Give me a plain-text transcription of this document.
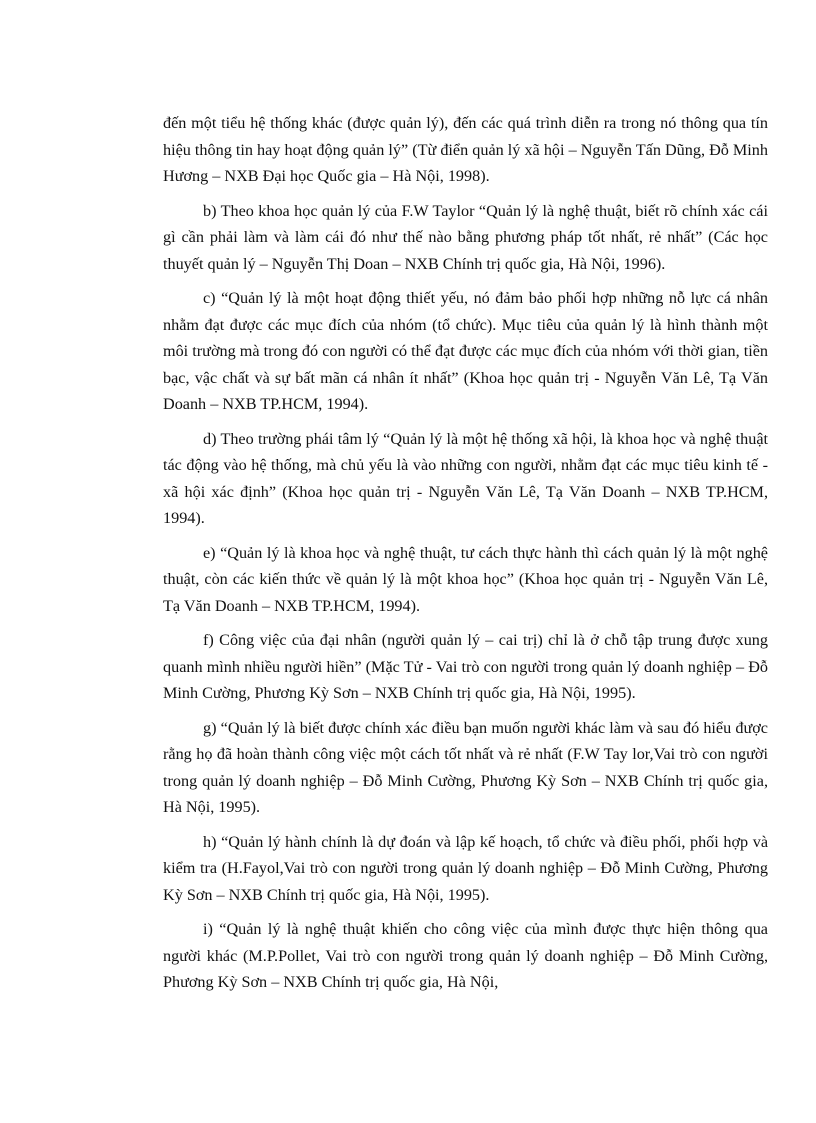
đến một tiểu hệ thống khác (được quản lý), đến các quá trình diễn ra trong nó thông qua tín hiệu thông tin hay hoạt động quản lý” (Từ điển quản lý xã hội – Nguyễn Tấn Dũng, Đỗ Minh Hương – NXB Đại học Quốc gia – Hà Nội, 1998).

b) Theo khoa học quản lý của F.W Taylor “Quản lý là nghệ thuật, biết rõ chính xác cái gì cần phải làm và làm cái đó như thế nào bằng phương pháp tốt nhất, rẻ nhất” (Các học thuyết quản lý – Nguyễn Thị Doan – NXB Chính trị quốc gia, Hà Nội, 1996).

c) “Quản lý là một hoạt động thiết yếu, nó đảm bảo phối hợp những nỗ lực cá nhân nhằm đạt được các mục đích của nhóm (tổ chức). Mục tiêu của quản lý là hình thành một môi trường mà trong đó con người có thể đạt được các mục đích của nhóm với thời gian, tiền bạc, vậc chất và sự bất mãn cá nhân ít nhất” (Khoa học quản trị - Nguyễn Văn Lê, Tạ Văn Doanh – NXB TP.HCM, 1994).

d) Theo trường phái tâm lý “Quản lý là một hệ thống xã hội, là khoa học và nghệ thuật tác động vào hệ thống, mà chủ yếu là vào những con người, nhằm đạt các mục tiêu kinh tế - xã hội xác định” (Khoa học quản trị - Nguyễn Văn Lê, Tạ Văn Doanh – NXB TP.HCM, 1994).

e) “Quản lý là khoa học và nghệ thuật, tư cách thực hành thì cách quản lý là một nghệ thuật, còn các kiến thức về quản lý là một khoa học” (Khoa học quản trị - Nguyễn Văn Lê, Tạ Văn Doanh – NXB TP.HCM, 1994).

f) Công việc của đại nhân (người quản lý – cai trị) chỉ là ở chỗ tập trung được xung quanh mình nhiều người hiền” (Mặc Tử - Vai trò con người trong quản lý doanh nghiệp – Đỗ Minh Cường, Phương Kỳ Sơn – NXB Chính trị quốc gia, Hà Nội, 1995).

g) “Quản lý là biết được chính xác điều bạn muốn người khác làm và sau đó hiểu được rằng họ đã hoàn thành công việc một cách tốt nhất và rẻ nhất (F.W Tay lor,Vai trò con người trong quản lý doanh nghiệp – Đỗ Minh Cường, Phương Kỳ Sơn – NXB Chính trị quốc gia, Hà Nội, 1995).

h) “Quản lý hành chính là dự đoán và lập kế hoạch, tổ chức và điều phối, phối hợp và kiểm tra (H.Fayol,Vai trò con người trong quản lý doanh nghiệp – Đỗ Minh Cường, Phương Kỳ Sơn – NXB Chính trị quốc gia, Hà Nội, 1995).

i) “Quản lý là nghệ thuật khiến cho công việc của mình được thực hiện thông qua người khác (M.P.Pollet, Vai trò con người trong quản lý doanh nghiệp – Đỗ Minh Cường, Phương Kỳ Sơn – NXB Chính trị quốc gia, Hà Nội,
